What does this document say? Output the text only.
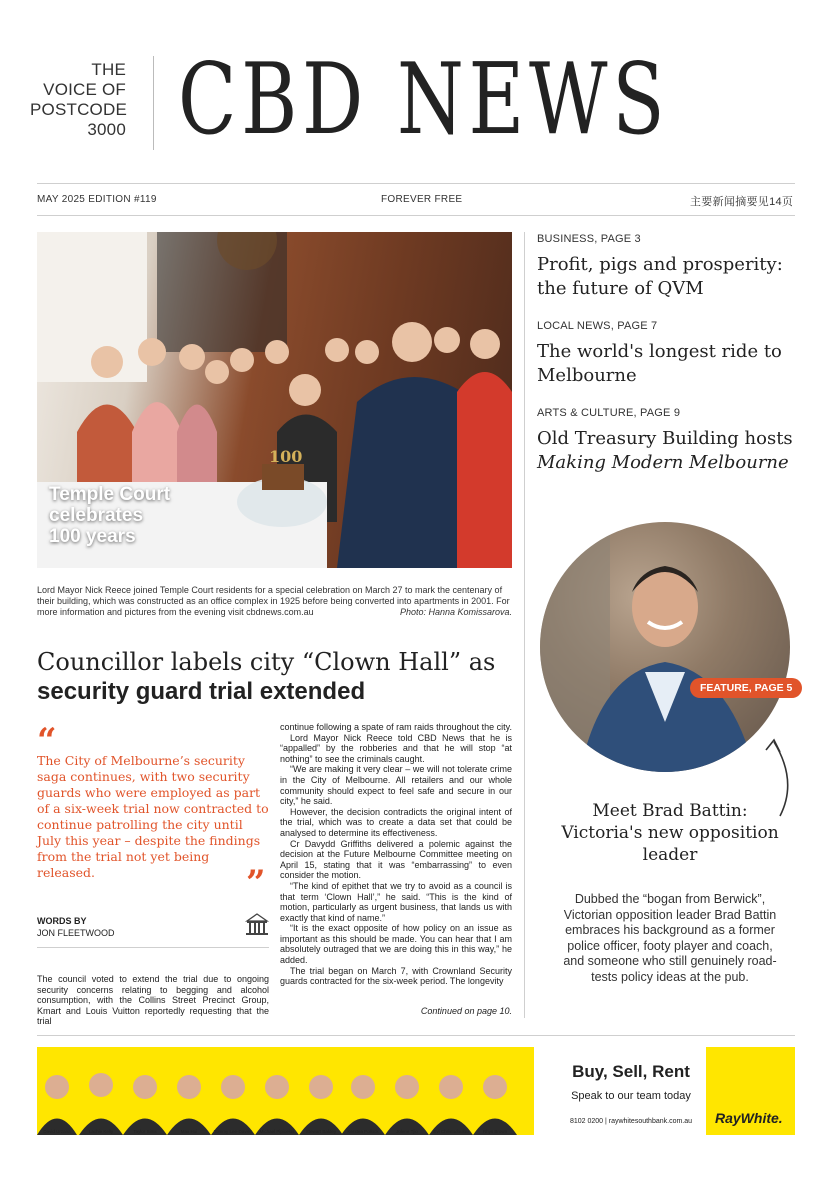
THE
VOICE OF
POSTCODE
3000 CBD NEWS
MAY 2025 EDITION #119	FOREVER FREE	主要新闻摘要见14页
100
Temple Court
celebrates
100 years
Lord Mayor Nick Reece joined Temple Court residents for a special celebration on March 27 to mark the centenary of their building, which was constructed as an office complex in 1925 before being converted into apartments in 2001. For more information and pictures from the evening visit cbdnews.com.au	Photo: Hanna Komissarova.
Councillor labels city “Clown Hall” as security guard trial extended
“
The City of Melbourne’s security saga continues, with two security guards who were employed as part of a six-week trial now contracted to continue patrolling the city until July this year – despite the findings from the trial not yet being released.	”
WORDS BY
JON FLEETWOOD
The council voted to extend the trial due to ongoing security concerns relating to begging and alcohol consumption, with the Collins Street Precinct Group, Kmart and Louis Vuitton reportedly requesting that the trial

continue following a spate of ram raids throughout the city.

Lord Mayor Nick Reece told CBD News that he is “appalled” by the robberies and that he will stop “at nothing” to see the criminals caught.

“We are making it very clear – we will not tolerate crime in the City of Melbourne. All retailers and our whole community should expect to feel safe and secure in our city,” he said.

However, the decision contradicts the original intent of the trial, which was to create a data set that could be analysed to determine its effectiveness.

Cr Davydd Griffiths delivered a polemic against the decision at the Future Melbourne Committee meeting on April 15, stating that it was “embarrassing” to even consider the motion.

“The kind of epithet that we try to avoid as a council is that term ‘Clown Hall’,” he said. “This is the kind of motion, particularly as urgent business, that lands us with exactly that kind of name.”

“It is the exact opposite of how policy on an issue as important as this should be made. You can hear that I am absolutely outraged that we are doing this in this way,” he added.

The trial began on March 7, with Crownland Security guards contracted for the six-week period. The longevity

Continued on page 10.
BUSINESS, PAGE 3
Profit, pigs and prosperity: the future of QVM
LOCAL NEWS, PAGE 7
The world's longest ride to Melbourne
ARTS & CULTURE, PAGE 9
Old Treasury Building hosts
Making Modern Melbourne
FEATURE, PAGE 5
Meet Brad Battin: Victoria's new opposition leader
Dubbed the “bogan from Berwick”, Victorian opposition leader Brad Battin embraces his background as a former police officer, footy player and coach, and someone who still genuinely road-tests policy ideas at the pub.
David Urzana	Lachie Kelly	Taylor Sims	Max Hui	Tommy Lee-Davies	Michael Pipicelos	Stewart Baldey	Kerstea Pollock	Jolene Tjio	Evi Christodoulou	Rhys Brown
Buy, Sell, Rent
Speak to our team today
8102 0200 | raywhitesouthbank.com.au	RayWhite.
